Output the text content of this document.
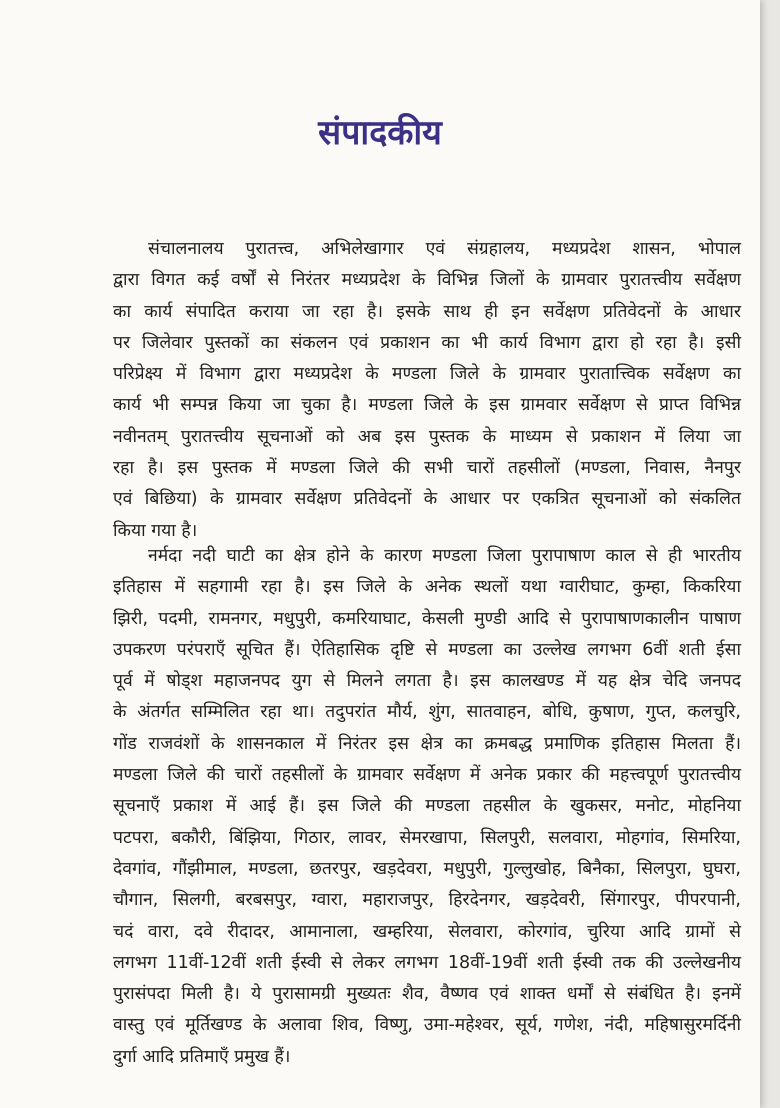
संपादकीय
संचालनालय पुरातत्त्व, अभिलेखागार एवं संग्रहालय, मध्यप्रदेश शासन, भोपाल
द्वारा विगत कई वर्षों से निरंतर मध्यप्रदेश के विभिन्न जिलों के ग्रामवार पुरातत्त्वीय सर्वेक्षण
का कार्य संपादित कराया जा रहा है। इसके साथ ही इन सर्वेक्षण प्रतिवेदनों के आधार
पर जिलेवार पुस्तकों का संकलन एवं प्रकाशन का भी कार्य विभाग द्वारा हो रहा है। इसी
परिप्रेक्ष्य में विभाग द्वारा मध्यप्रदेश के मण्डला जिले के ग्रामवार पुरातात्त्विक सर्वेक्षण का
कार्य भी सम्पन्न किया जा चुका है। मण्डला जिले के इस ग्रामवार सर्वेक्षण से प्राप्त विभिन्न
नवीनतम् पुरातत्त्वीय सूचनाओं को अब इस पुस्तक के माध्यम से प्रकाशन में लिया जा
रहा है। इस पुस्तक में मण्डला जिले की सभी चारों तहसीलों (मण्डला, निवास, नैनपुर
एवं बिछिया) के ग्रामवार सर्वेक्षण प्रतिवेदनों के आधार पर एकत्रित सूचनाओं को संकलित
किया गया है।
नर्मदा नदी घाटी का क्षेत्र होने के कारण मण्डला जिला पुरापाषाण काल से ही भारतीय
इतिहास में सहगामी रहा है। इस जिले के अनेक स्थलों यथा ग्वारीघाट, कुम्हा, किकरिया
झिरी, पदमी, रामनगर, मधुपुरी, कमरियाघाट, केसली मुण्डी आदि से पुरापाषाणकालीन पाषाण
उपकरण परंपराएँ सूचित हैं। ऐतिहासिक दृष्टि से मण्डला का उल्लेख लगभग 6वीं शती ईसा
पूर्व में षोड्श महाजनपद युग से मिलने लगता है। इस कालखण्ड में यह क्षेत्र चेदि जनपद
के अंतर्गत सम्मिलित रहा था। तदुपरांत मौर्य, शुंग, सातवाहन, बोधि, कुषाण, गुप्त, कलचुरि,
गोंड राजवंशों के शासनकाल में निरंतर इस क्षेत्र का क्रमबद्ध प्रमाणिक इतिहास मिलता हैं।
मण्डला जिले की चारों तहसीलों के ग्रामवार सर्वेक्षण में अनेक प्रकार की महत्त्वपूर्ण पुरातत्त्वीय
सूचनाएँ प्रकाश में आई हैं। इस जिले की मण्डला तहसील के खुकसर, मनोट, मोहनिया
पटपरा, बकौरी, बिंझिया, गिठार, लावर, सेमरखापा, सिलपुरी, सलवारा, मोहगांव, सिमरिया,
देवगांव, गौंझीमाल, मण्डला, छतरपुर, खड़देवरा, मधुपुरी, गुल्लुखोह, बिनैका, सिलपुरा, घुघरा,
चौगान, सिलगी, बरबसपुर, ग्वारा, महाराजपुर, हिरदेनगर, खड़देवरी, सिंगारपुर, पीपरपानी,
चदं वारा, दवे रीदादर, आमानाला, खम्हरिया, सेलवारा, कोरगांव, चुरिया आदि ग्रामों से
लगभग 11वीं-12वीं शती ईस्वी से लेकर लगभग 18वीं-19वीं शती ईस्वी तक की उल्लेखनीय
पुरासंपदा मिली है। ये पुरासामग्री मुख्यतः शैव, वैष्णव एवं शाक्त धर्मों से संबंधित है। इनमें
वास्तु एवं मूर्तिखण्ड के अलावा शिव, विष्णु, उमा-महेश्वर, सूर्य, गणेश, नंदी, महिषासुरमर्दिनी
दुर्गा आदि प्रतिमाएँ प्रमुख हैं।
